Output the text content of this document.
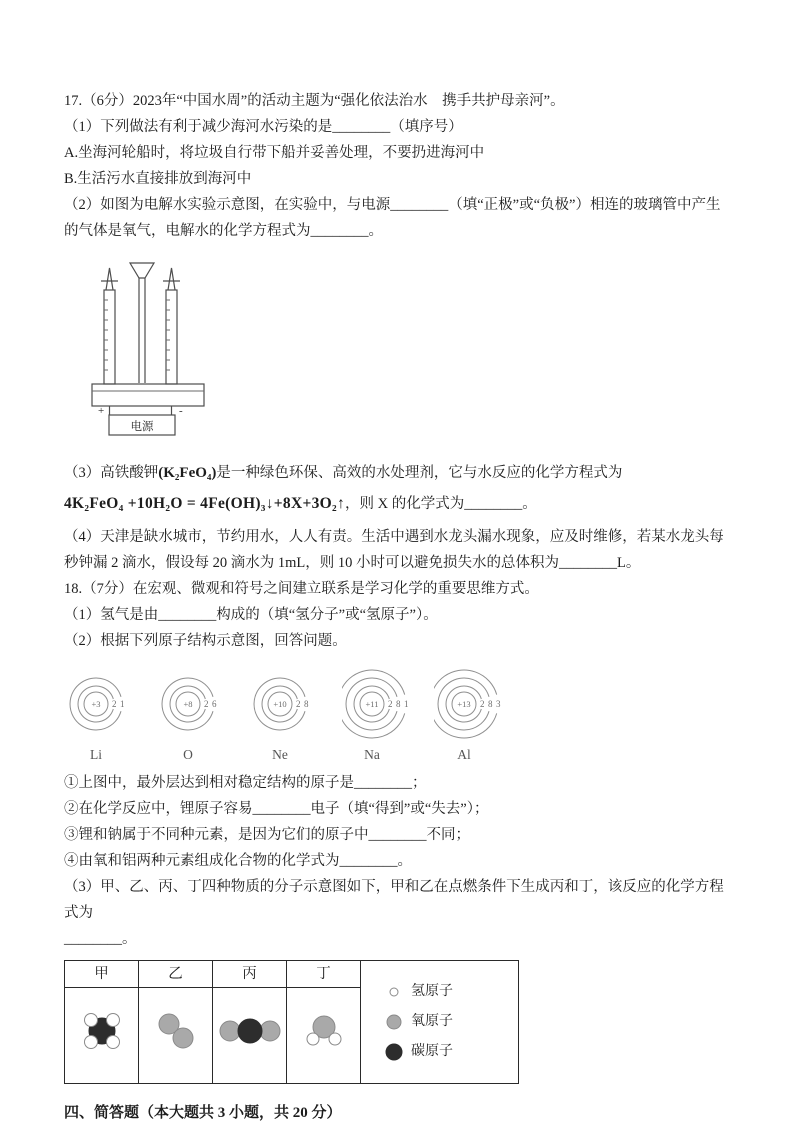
17.（6分）2023年“中国水周”的活动主题为“强化依法治水　携手共护母亲河”。

（1）下列做法有利于减少海河水污染的是________（填序号）

A.坐海河轮船时，将垃圾自行带下船并妥善处理，不要扔进海河中

B.生活污水直接排放到海河中

（2）如图为电解水实验示意图，在实验中，与电源________（填“正极”或“负极”）相连的玻璃管中产生的气体是氧气，电解水的化学方程式为________。

电源
+	-

（3）高铁酸钾(K₂FeO₄)是一种绿色环保、高效的水处理剂，它与水反应的化学方程式为

4K₂FeO₄ +10H₂O = 4Fe(OH)₃↓+8X+3O₂↑，则 X 的化学式为________。

（4）天津是缺水城市，节约用水，人人有责。生活中遇到水龙头漏水现象，应及时维修，若某水龙头每秒钟漏 2 滴水，假设每 20 滴水为 1mL，则 10 小时可以避免损失水的总体积为________L。

18.（7分）在宏观、微观和符号之间建立联系是学习化学的重要思维方式。

（1）氢气是由________构成的（填“氢分子”或“氢原子”）。

（2）根据下列原子结构示意图，回答问题。

+3 2 1
Li
+8 2 6
O
+10 2 8
Ne
+11 2 8 1
Na
+13 2 8 3
Al

①上图中，最外层达到相对稳定结构的原子是________；

②在化学反应中，锂原子容易________电子（填“得到”或“失去”）；

③锂和钠属于不同种元素，是因为它们的原子中________不同；

④由氧和铝两种元素组成化合物的化学式为________。

（3）甲、乙、丙、丁四种物质的分子示意图如下，甲和乙在点燃条件下生成丙和丁，该反应的化学方程式为

________。

甲	乙	丙	丁	氢原子
氧原子
碳原子

四、简答题（本大题共 3 小题，共 20 分）
